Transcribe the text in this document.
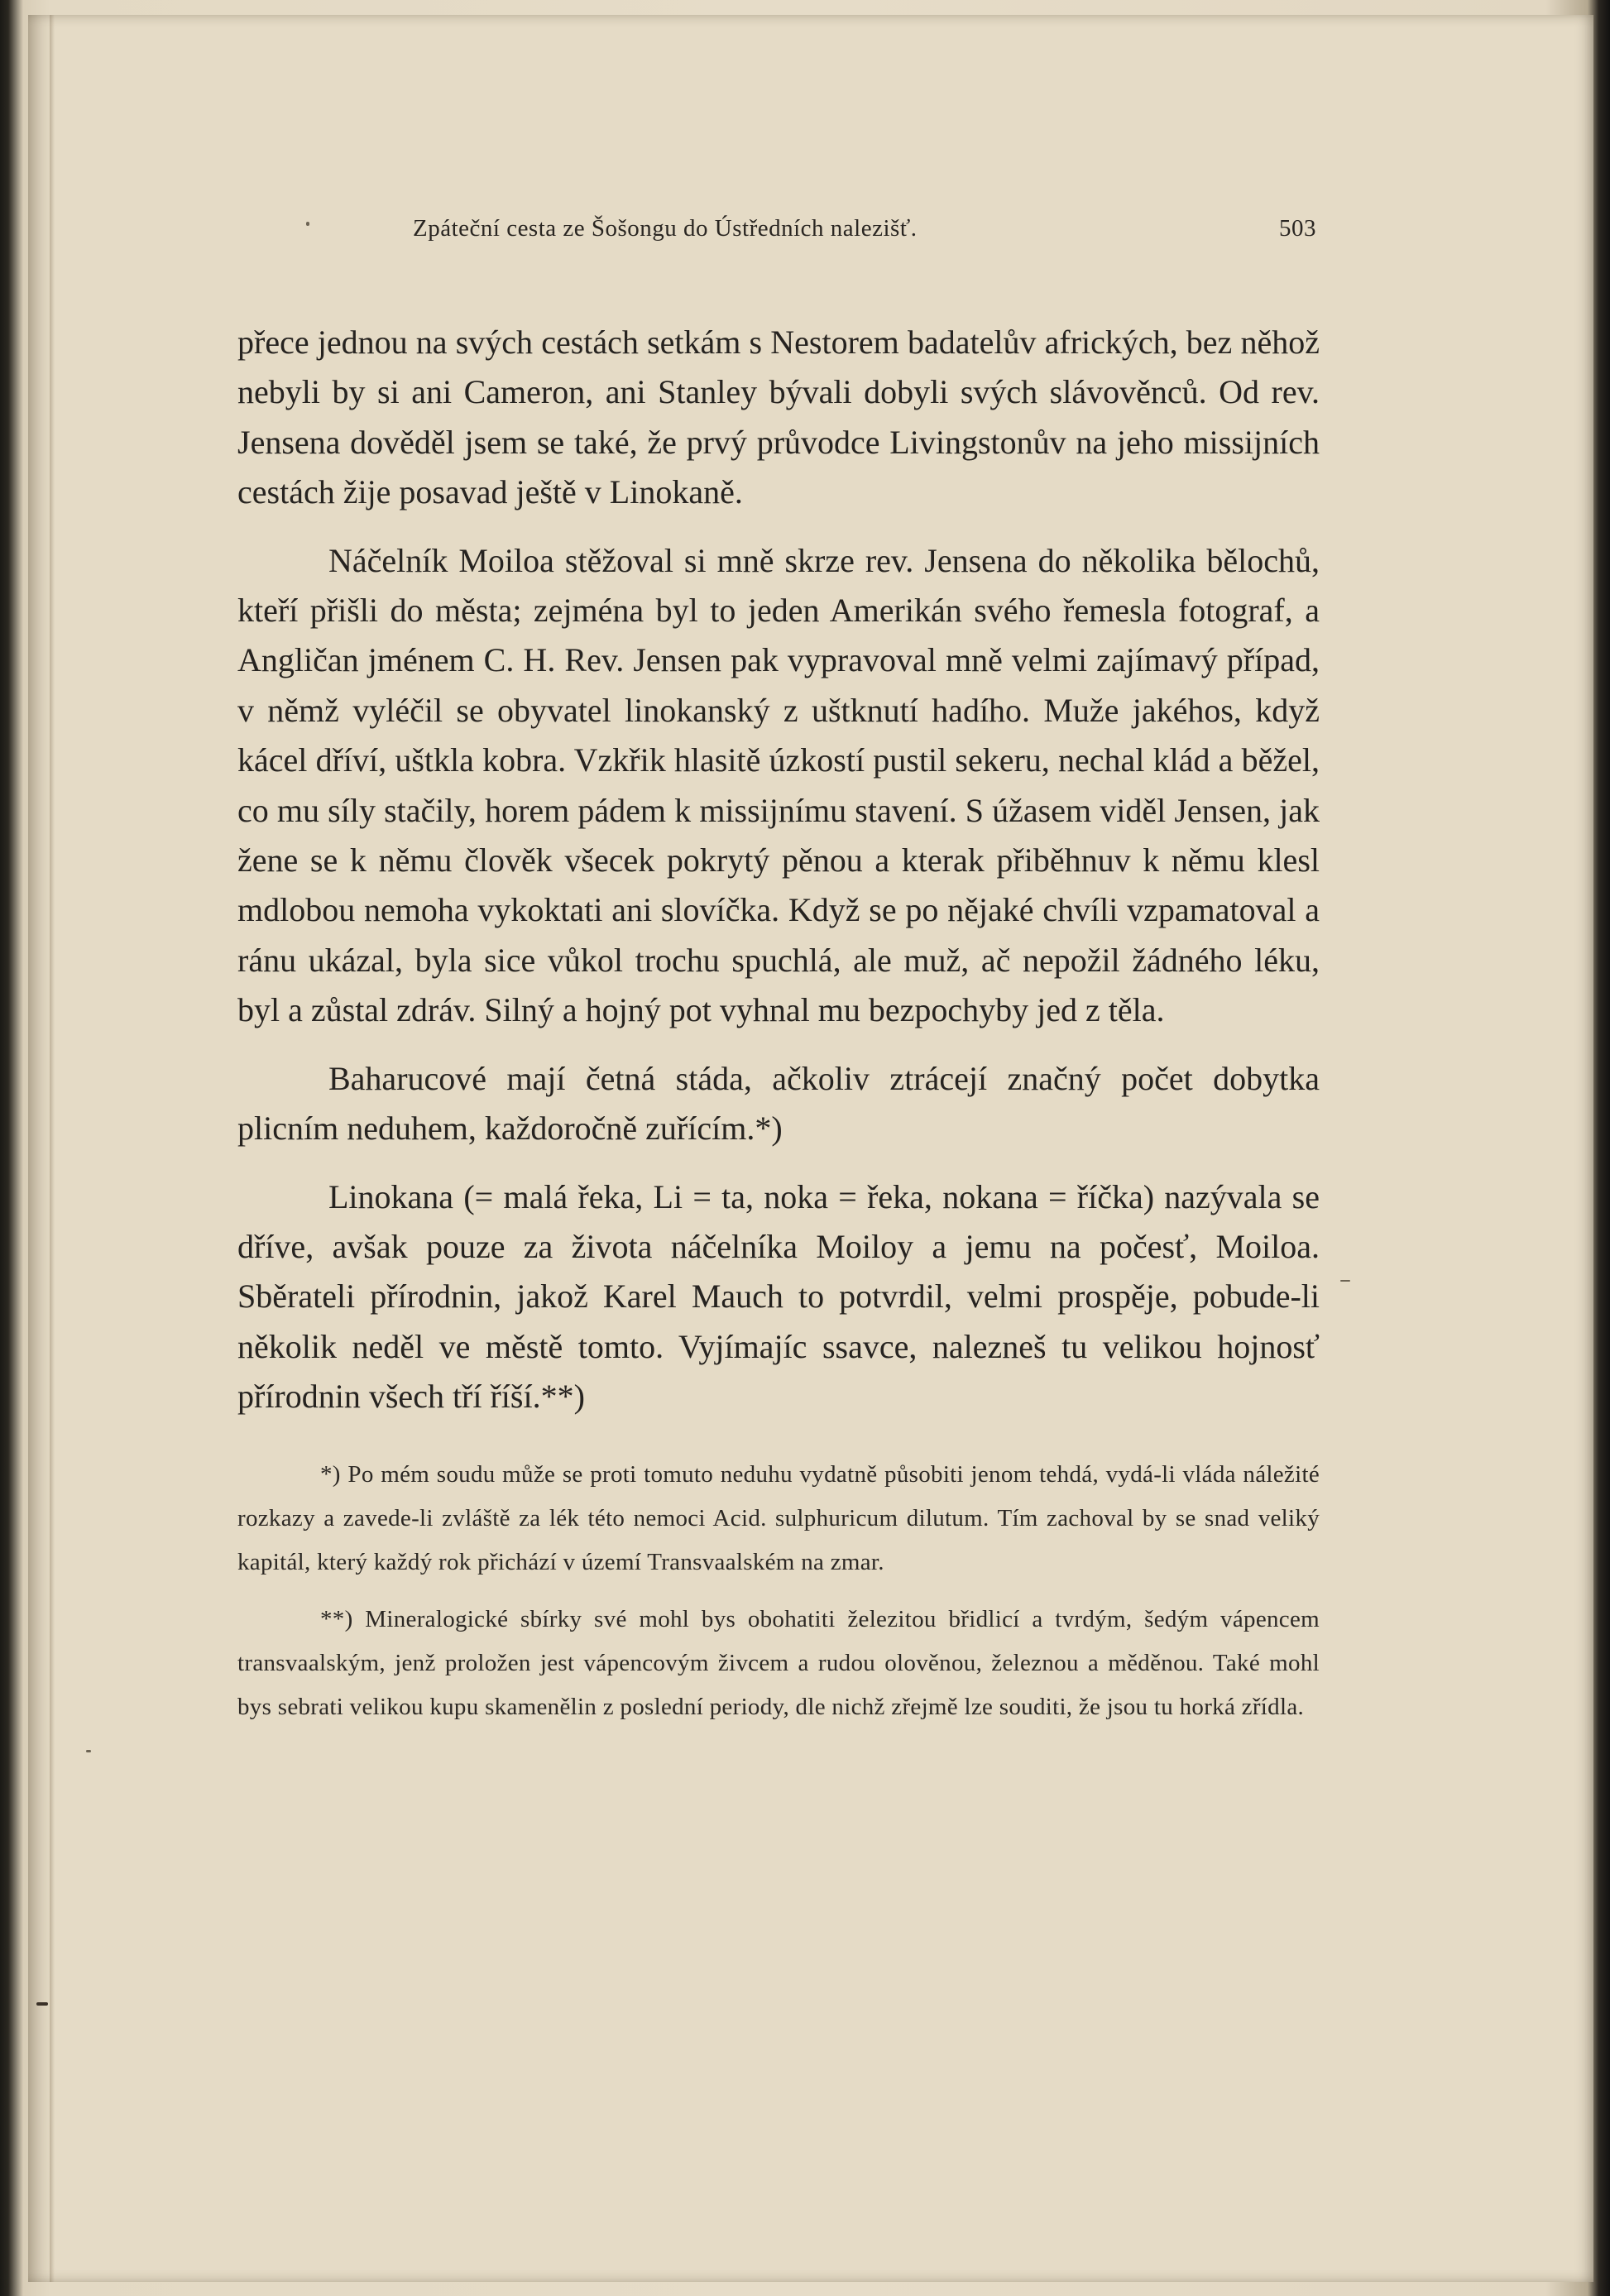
Zpáteční cesta ze Šošongu do Ústředních nalezišť.	503

přece jednou na svých cestách setkám s Nestorem badatelův afrických, bez něhož nebyli by si ani Cameron, ani Stanley bývali dobyli svých slávověnců. Od rev. Jensena dověděl jsem se také, že prvý průvodce Livingstonův na jeho missijních cestách žije posavad ještě v Linokaně.

Náčelník Moiloa stěžoval si mně skrze rev. Jensena do několika bělochů, kteří přišli do města; zejména byl to jeden Amerikán svého řemesla fotograf, a Angličan jménem C. H. Rev. Jensen pak vypravoval mně velmi zajímavý případ, v němž vyléčil se obyvatel linokanský z uštknutí hadího. Muže jakéhos, když kácel dříví, uštkla kobra. Vzkřik hlasitě úzkostí pustil sekeru, nechal klád a běžel, co mu síly stačily, horem pádem k missijnímu stavení. S úžasem viděl Jensen, jak žene se k němu člověk všecek pokrytý pěnou a kterak přiběhnuv k němu klesl mdlobou nemoha vykoktati ani slovíčka. Když se po nějaké chvíli vzpamatoval a ránu ukázal, byla sice vůkol trochu spuchlá, ale muž, ač nepožil žádného léku, byl a zůstal zdráv. Silný a hojný pot vyhnal mu bezpochyby jed z těla.

Baharucové mají četná stáda, ačkoliv ztrácejí značný počet dobytka plicním neduhem, každoročně zuřícím.*)

Linokana (= malá řeka, Li = ta, noka = řeka, nokana = říčka) nazývala se dříve, avšak pouze za života náčelníka Moiloy a jemu na počesť, Moiloa. Sběrateli přírodnin, jakož Karel Mauch to potvrdil, velmi prospěje, pobude-li několik neděl ve městě tomto. Vyjímajíc ssavce, nalezneš tu velikou hojnosť přírodnin všech tří říší.**)

*) Po mém soudu může se proti tomuto neduhu vydatně působiti jenom tehdá, vydá-li vláda náležité rozkazy a zavede-li zvláště za lék této nemoci Acid. sulphuricum dilutum. Tím zachoval by se snad veliký kapitál, který každý rok přichází v území Transvaalském na zmar.

**) Mineralogické sbírky své mohl bys obohatiti železitou břidlicí a tvrdým, šedým vápencem transvaalským, jenž proložen jest vápencovým živcem a rudou olověnou, železnou a měděnou. Také mohl bys sebrati velikou kupu skamenělin z poslední periody, dle nichž zřejmě lze souditi, že jsou tu horká zřídla.
